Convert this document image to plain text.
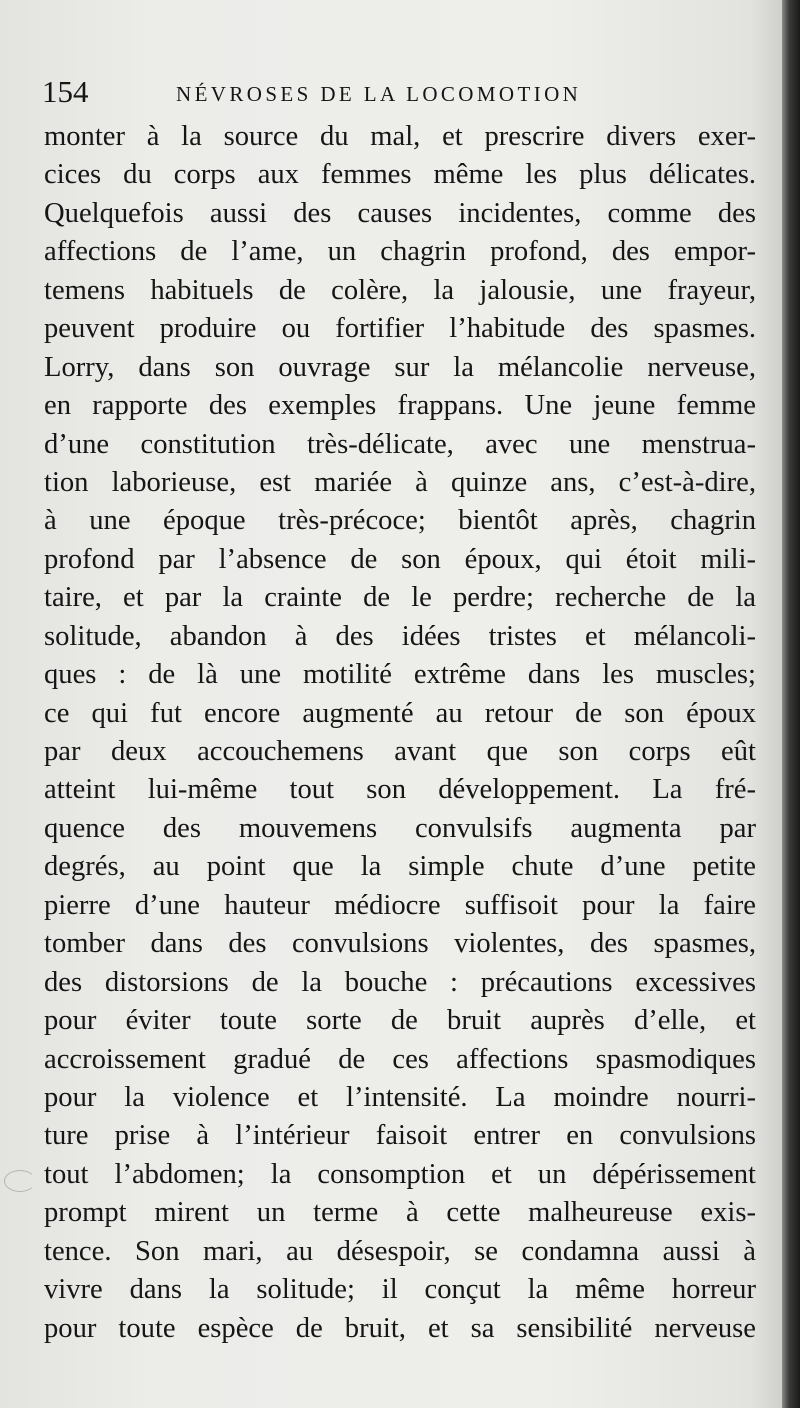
154	NÉVROSES DE LA LOCOMOTION
monter à la source du mal, et prescrire divers exer-
cices du corps aux femmes même les plus délicates.
Quelquefois aussi des causes incidentes, comme des
affections de l’ame, un chagrin profond, des empor-
temens habituels de colère, la jalousie, une frayeur,
peuvent produire ou fortifier l’habitude des spasmes.
Lorry, dans son ouvrage sur la mélancolie nerveuse,
en rapporte des exemples frappans. Une jeune femme
d’une constitution très-délicate, avec une menstrua-
tion laborieuse, est mariée à quinze ans, c’est-à-dire,
à une époque très-précoce; bientôt après, chagrin
profond par l’absence de son époux, qui étoit mili-
taire, et par la crainte de le perdre; recherche de la
solitude, abandon à des idées tristes et mélancoli-
ques : de là une motilité extrême dans les muscles;
ce qui fut encore augmenté au retour de son époux
par deux accouchemens avant que son corps eût
atteint lui-même tout son développement. La fré-
quence des mouvemens convulsifs augmenta par
degrés, au point que la simple chute d’une petite
pierre d’une hauteur médiocre suffisoit pour la faire
tomber dans des convulsions violentes, des spasmes,
des distorsions de la bouche : précautions excessives
pour éviter toute sorte de bruit auprès d’elle, et
accroissement gradué de ces affections spasmodiques
pour la violence et l’intensité. La moindre nourri-
ture prise à l’intérieur faisoit entrer en convulsions
tout l’abdomen; la consomption et un dépérissement
prompt mirent un terme à cette malheureuse exis-
tence. Son mari, au désespoir, se condamna aussi à
vivre dans la solitude; il conçut la même horreur
pour toute espèce de bruit, et sa sensibilité nerveuse
